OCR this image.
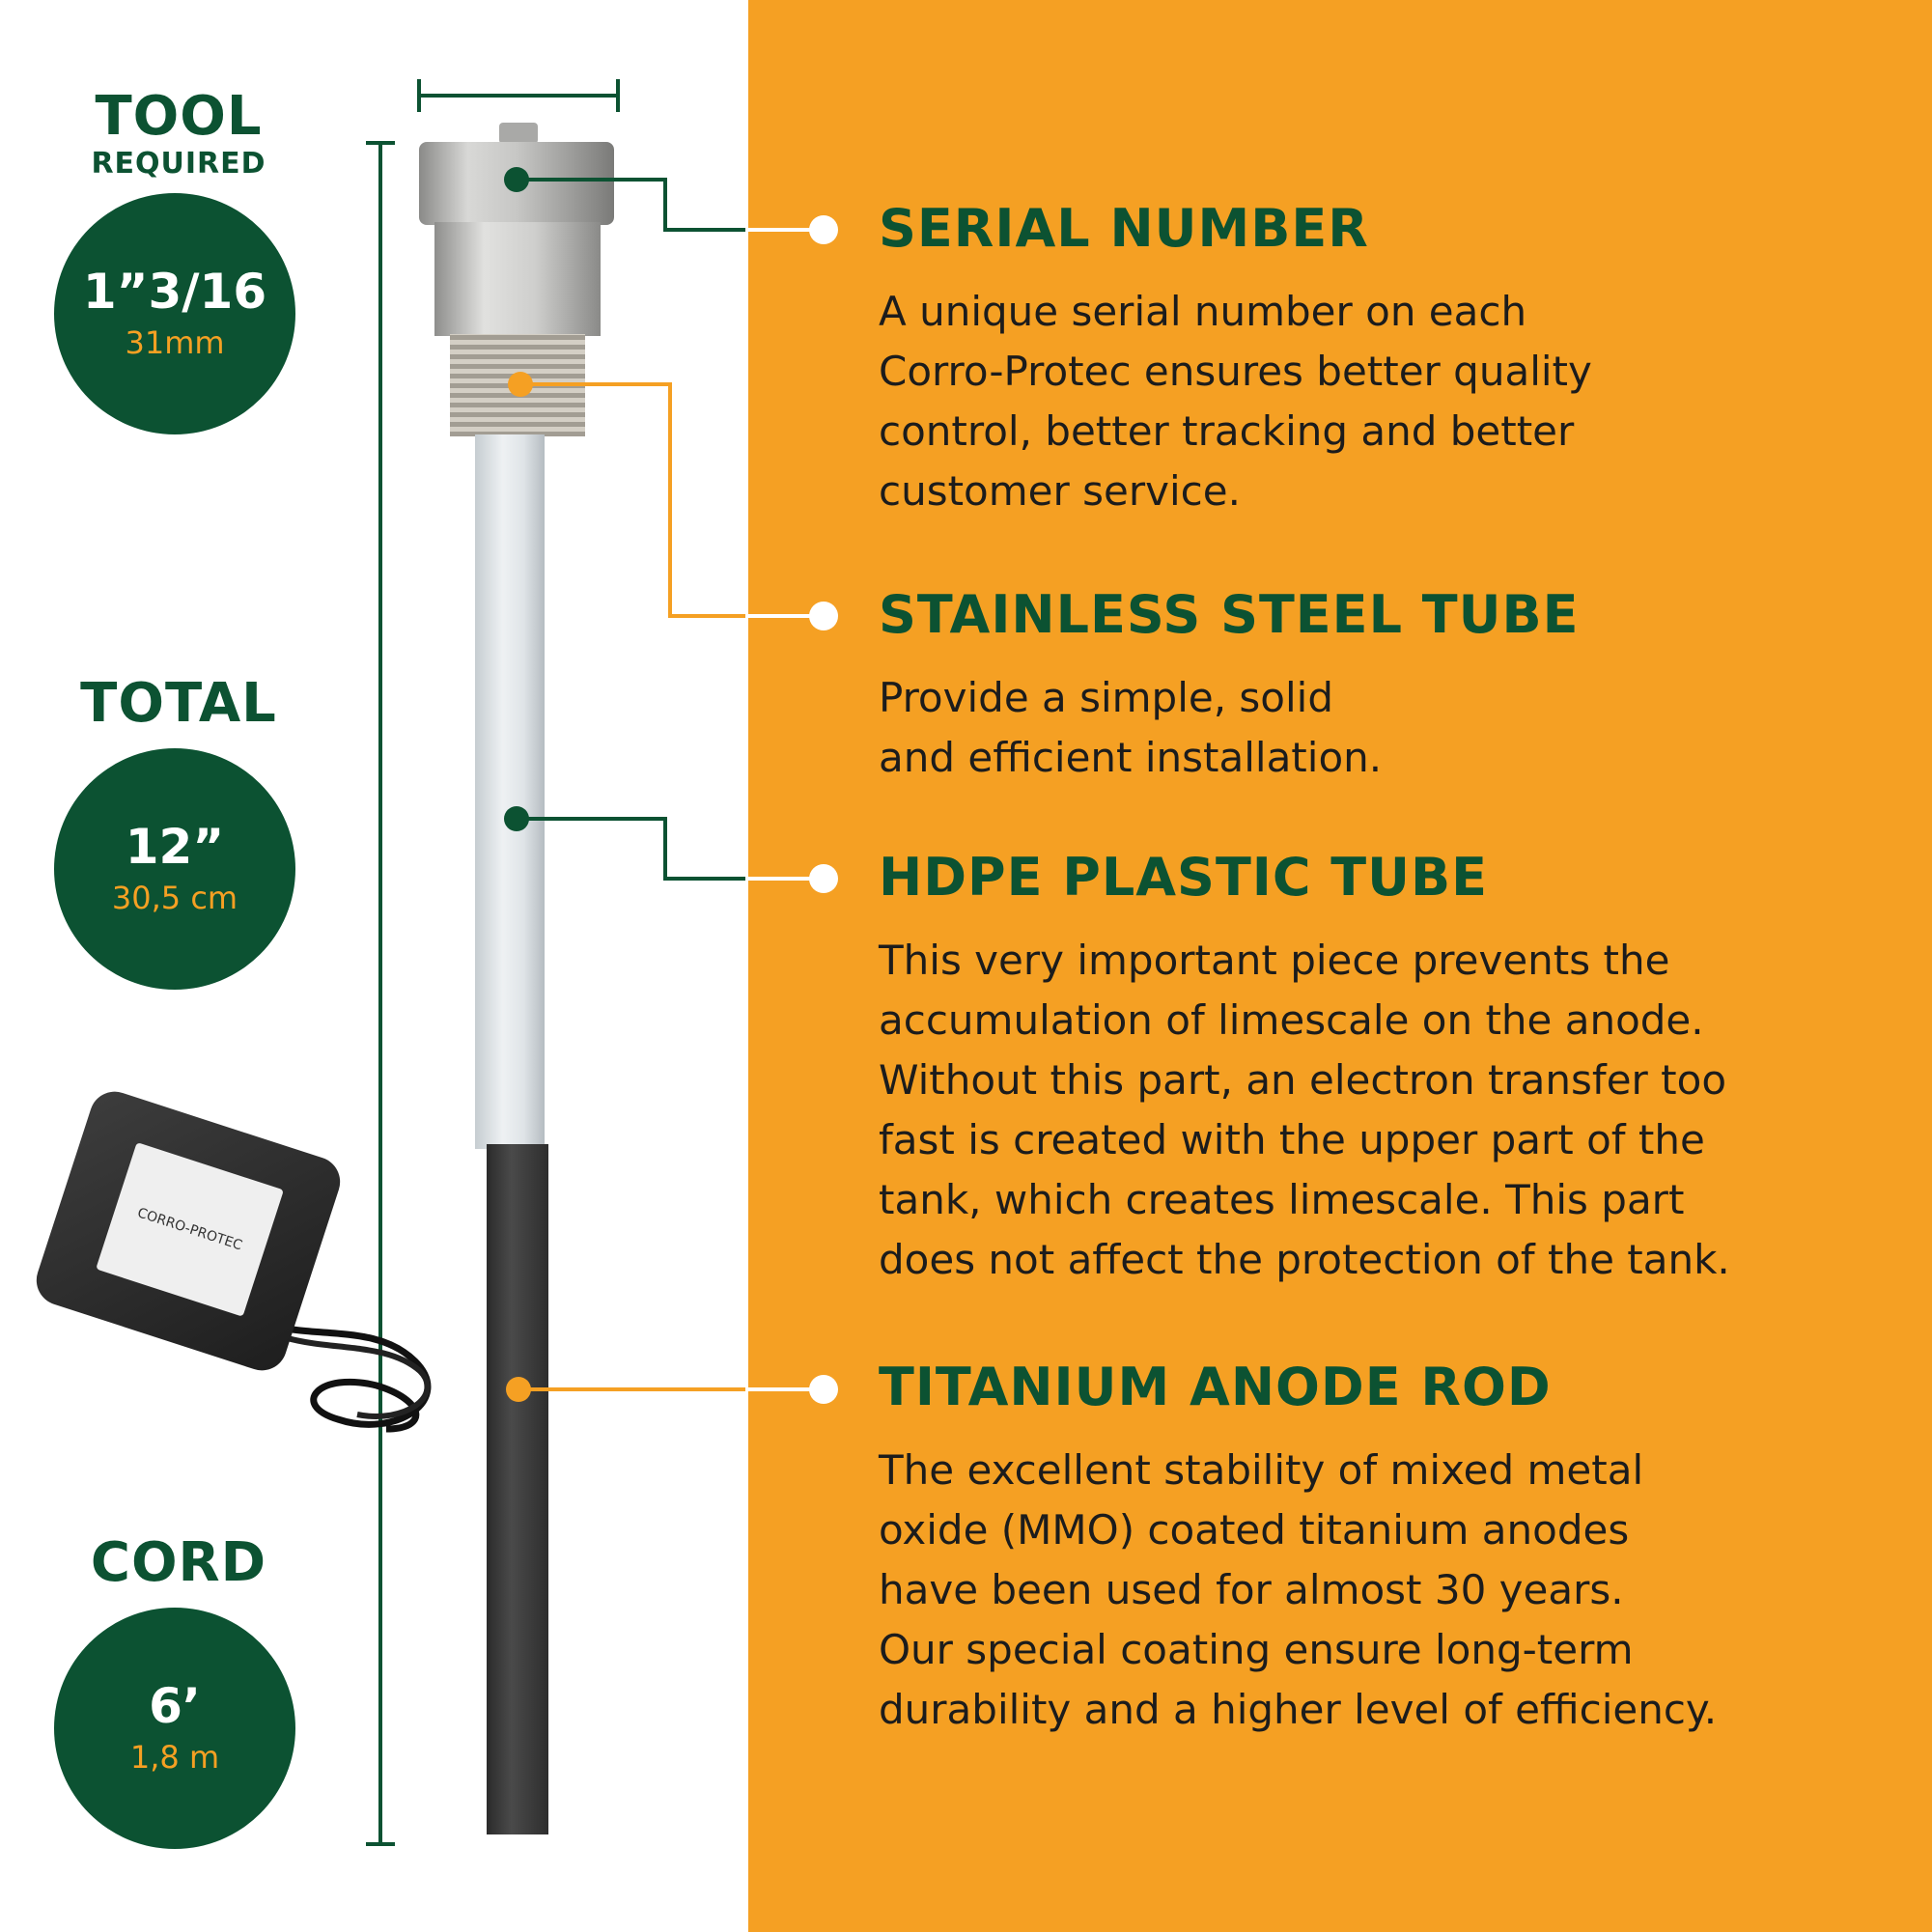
TOOL
REQUIRED
1”3/16
31mm
TOTAL
12”
30,5 cm
CORD
6’
1,8 m
CORRO-PROTEC
SERIAL NUMBER
A unique serial number on each
Corro-Protec ensures better quality
control, better tracking and better
customer service.
STAINLESS STEEL TUBE
Provide a simple, solid
and efficient installation.
HDPE PLASTIC TUBE
This very important piece prevents the
accumulation of limescale on the anode.
Without this part, an electron transfer too
fast is created with the upper part of the
tank, which creates limescale. This part
does not affect the protection of the tank.
TITANIUM ANODE ROD
The excellent stability of mixed metal
oxide (MMO) coated titanium anodes
have been used for almost 30 years.
Our special coating ensure long-term
durability and a higher level of efficiency.
